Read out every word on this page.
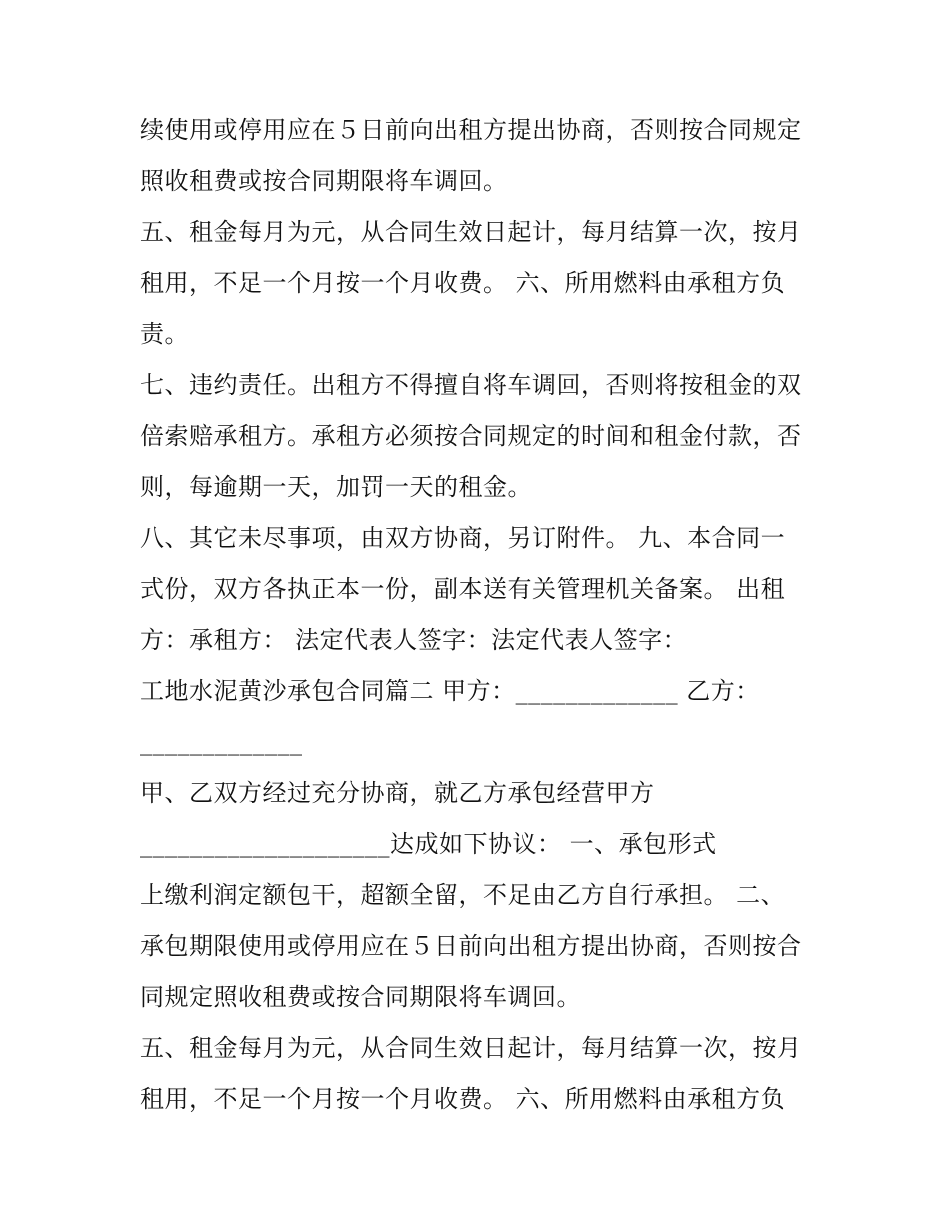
续使用或停用应在５日前向出租方提出协商，否则按合同规定
照收租费或按合同期限将车调回。
五、租金每月为元，从合同生效日起计，每月结算一次，按月
租用，不足一个月按一个月收费。 六、所用燃料由承租方负
责。
七、违约责任。出租方不得擅自将车调回，否则将按租金的双
倍索赔承租方。承租方必须按合同规定的时间和租金付款，否
则，每逾期一天，加罚一天的租金。
八、其它未尽事项，由双方协商，另订附件。 九、本合同一
式份，双方各执正本一份，副本送有关管理机关备案。 出租
方：承租方： 法定代表人签字：法定代表人签字：
工地水泥黄沙承包合同篇二 甲方：_____________ 乙方：
_____________
甲、乙双方经过充分协商，就乙方承包经营甲方
____________________达成如下协议： 一、承包形式
上缴利润定额包干，超额全留，不足由乙方自行承担。 二、
承包期限使用或停用应在５日前向出租方提出协商，否则按合
同规定照收租费或按合同期限将车调回。
五、租金每月为元，从合同生效日起计，每月结算一次，按月
租用，不足一个月按一个月收费。 六、所用燃料由承租方负
